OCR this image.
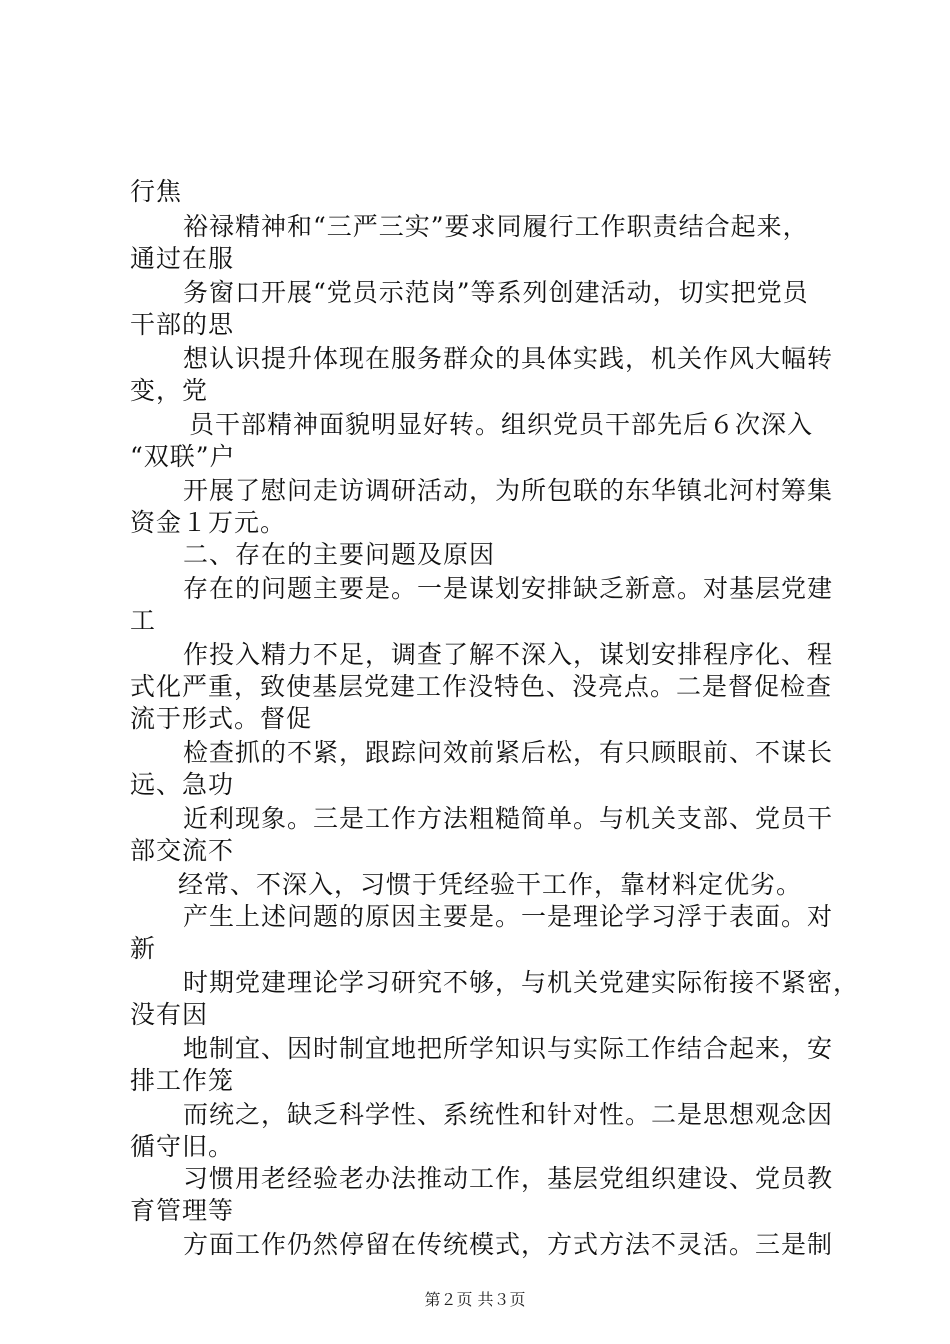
行焦
裕禄精神和“三严三实”要求同履行工作职责结合起来，
通过在服
务窗口开展“党员示范岗”等系列创建活动，切实把党员
干部的思
想认识提升体现在服务群众的具体实践，机关作风大幅转
变，党
员干部精神面貌明显好转。组织党员干部先后６次深入
“双联”户
开展了慰问走访调研活动，为所包联的东华镇北河村筹集
资金１万元。
二、存在的主要问题及原因
存在的问题主要是。一是谋划安排缺乏新意。对基层党建
工
作投入精力不足，调查了解不深入，谋划安排程序化、程
式化严重，致使基层党建工作没特色、没亮点。二是督促检查
流于形式。督促
检查抓的不紧，跟踪问效前紧后松，有只顾眼前、不谋长
远、急功
近利现象。三是工作方法粗糙简单。与机关支部、党员干
部交流不
经常、不深入，习惯于凭经验干工作，靠材料定优劣。
产生上述问题的原因主要是。一是理论学习浮于表面。对
新
时期党建理论学习研究不够，与机关党建实际衔接不紧密，
没有因
地制宜、因时制宜地把所学知识与实际工作结合起来，安
排工作笼
而统之，缺乏科学性、系统性和针对性。二是思想观念因
循守旧。
习惯用老经验老办法推动工作，基层党组织建设、党员教
育管理等
方面工作仍然停留在传统模式，方式方法不灵活。三是制
第２页 共３页
